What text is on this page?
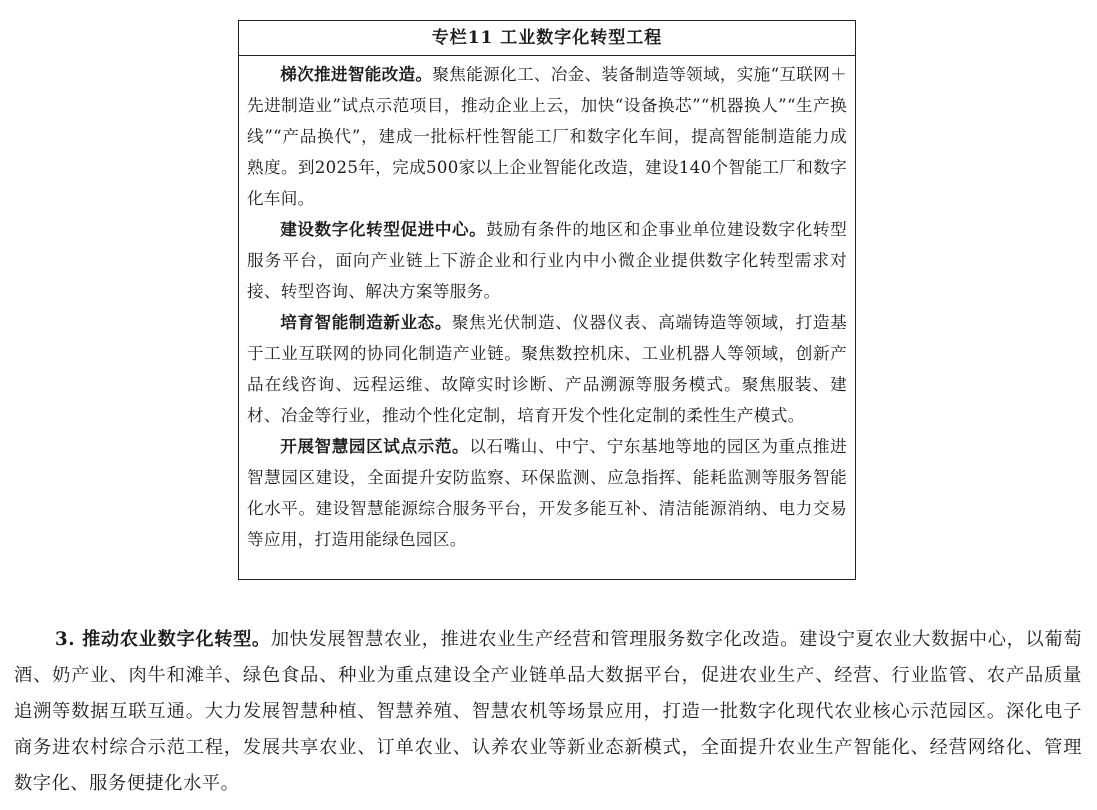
专栏11 工业数字化转型工程

梯次推进智能改造。聚焦能源化工、冶金、装备制造等领域，实施“互联网＋先进制造业”试点示范项目，推动企业上云，加快“设备换芯”“机器换人”“生产换线”“产品换代”，建成一批标杆性智能工厂和数字化车间，提高智能制造能力成熟度。到2025年，完成500家以上企业智能化改造，建设140个智能工厂和数字化车间。

建设数字化转型促进中心。鼓励有条件的地区和企事业单位建设数字化转型服务平台，面向产业链上下游企业和行业内中小微企业提供数字化转型需求对接、转型咨询、解决方案等服务。

培育智能制造新业态。聚焦光伏制造、仪器仪表、高端铸造等领域，打造基于工业互联网的协同化制造产业链。聚焦数控机床、工业机器人等领域，创新产品在线咨询、远程运维、故障实时诊断、产品溯源等服务模式。聚焦服装、建材、冶金等行业，推动个性化定制，培育开发个性化定制的柔性生产模式。

开展智慧园区试点示范。以石嘴山、中宁、宁东基地等地的园区为重点推进智慧园区建设，全面提升安防监察、环保监测、应急指挥、能耗监测等服务智能化水平。建设智慧能源综合服务平台，开发多能互补、清洁能源消纳、电力交易等应用，打造用能绿色园区。

3. 推动农业数字化转型。加快发展智慧农业，推进农业生产经营和管理服务数字化改造。建设宁夏农业大数据中心，以葡萄酒、奶产业、肉牛和滩羊、绿色食品、种业为重点建设全产业链单品大数据平台，促进农业生产、经营、行业监管、农产品质量追溯等数据互联互通。大力发展智慧种植、智慧养殖、智慧农机等场景应用，打造一批数字化现代农业核心示范园区。深化电子商务进农村综合示范工程，发展共享农业、订单农业、认养农业等新业态新模式，全面提升农业生产智能化、经营网络化、管理数字化、服务便捷化水平。
